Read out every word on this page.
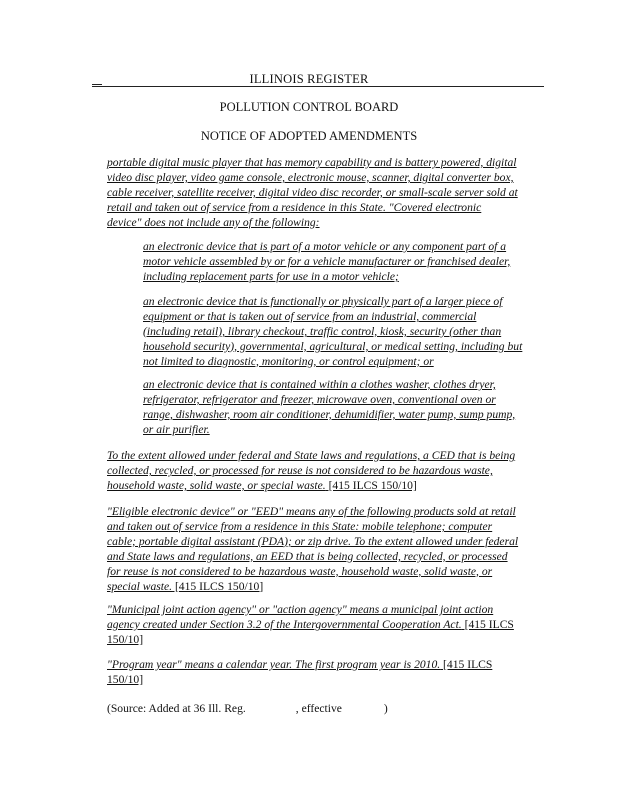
ILLINOIS REGISTER
POLLUTION CONTROL BOARD
NOTICE OF ADOPTED AMENDMENTS
portable digital music player that has memory capability and is battery powered, digital
video disc player, video game console, electronic mouse, scanner, digital converter box,
cable receiver, satellite receiver, digital video disc recorder, or small-scale server sold at
retail and taken out of service from a residence in this State. "Covered electronic
device" does not include any of the following:
an electronic device that is part of a motor vehicle or any component part of a
motor vehicle assembled by or for a vehicle manufacturer or franchised dealer,
including replacement parts for use in a motor vehicle;
an electronic device that is functionally or physically part of a larger piece of
equipment or that is taken out of service from an industrial, commercial
(including retail), library checkout, traffic control, kiosk, security (other than
household security), governmental, agricultural, or medical setting, including but
not limited to diagnostic, monitoring, or control equipment; or
an electronic device that is contained within a clothes washer, clothes dryer,
refrigerator, refrigerator and freezer, microwave oven, conventional oven or
range, dishwasher, room air conditioner, dehumidifier, water pump, sump pump,
or air purifier.
To the extent allowed under federal and State laws and regulations, a CED that is being
collected, recycled, or processed for reuse is not considered to be hazardous waste,
household waste, solid waste, or special waste. [415 ILCS 150/10]
"Eligible electronic device" or "EED" means any of the following products sold at retail
and taken out of service from a residence in this State: mobile telephone; computer
cable; portable digital assistant (PDA); or zip drive. To the extent allowed under federal
and State laws and regulations, an EED that is being collected, recycled, or processed
for reuse is not considered to be hazardous waste, household waste, solid waste, or
special waste. [415 ILCS 150/10]
"Municipal joint action agency" or "action agency" means a municipal joint action
agency created under Section 3.2 of the Intergovernmental Cooperation Act. [415 ILCS
150/10]
"Program year" means a calendar year. The first program year is 2010. [415 ILCS
150/10]
(Source: Added at 36 Ill. Reg.	, effective	)
